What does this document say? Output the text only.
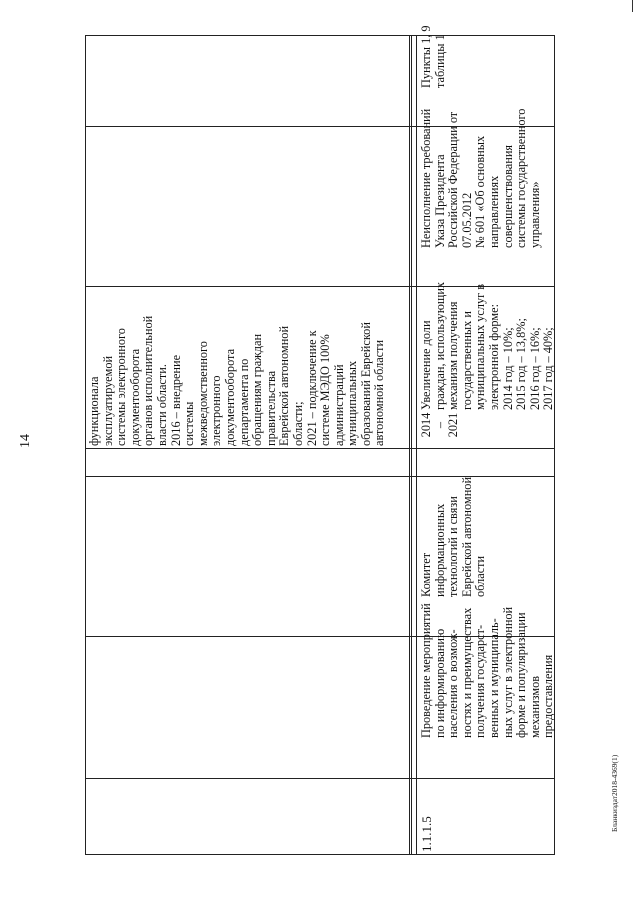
14	функционала
эксплуатируемой
системы электронного
документооборота
органов исполнительной
власти области.
2016 – внедрение
системы
межведомственного
электронного
документооборота
департамента по
обращениям граждан
правительства
Еврейской автономной
области;
2021 – подключение к
системе МЭДО 100%
администраций
муниципальных
образований Еврейской
автономной области
1.1.1.5
Проведение мероприятий
по информированию
населения о возмож-
ностях и преимуществах
получения государст-
венных и муниципаль-
ных услуг в электронной
форме и популяризации
механизмов
предоставления
Комитет
информационных
технологий и связи
Еврейской автономной
области
2014 –
2021
Увеличение доли
граждан, использующих
механизм получения
государственных и
муниципальных услуг в
электронной форме:
2014 год – 10%;
2015 год – 13,8%;
2016 год – 16%;
2017 год – 40%;
Неисполнение требований
Указа Президента
Российской Федерации от
07.05.2012
№ 601 «Об основных
направлениях
совершенствования
системы государственного
управления»
Пункты 1, 9
таблицы 1
Бланкиздат2018-4369(1)
